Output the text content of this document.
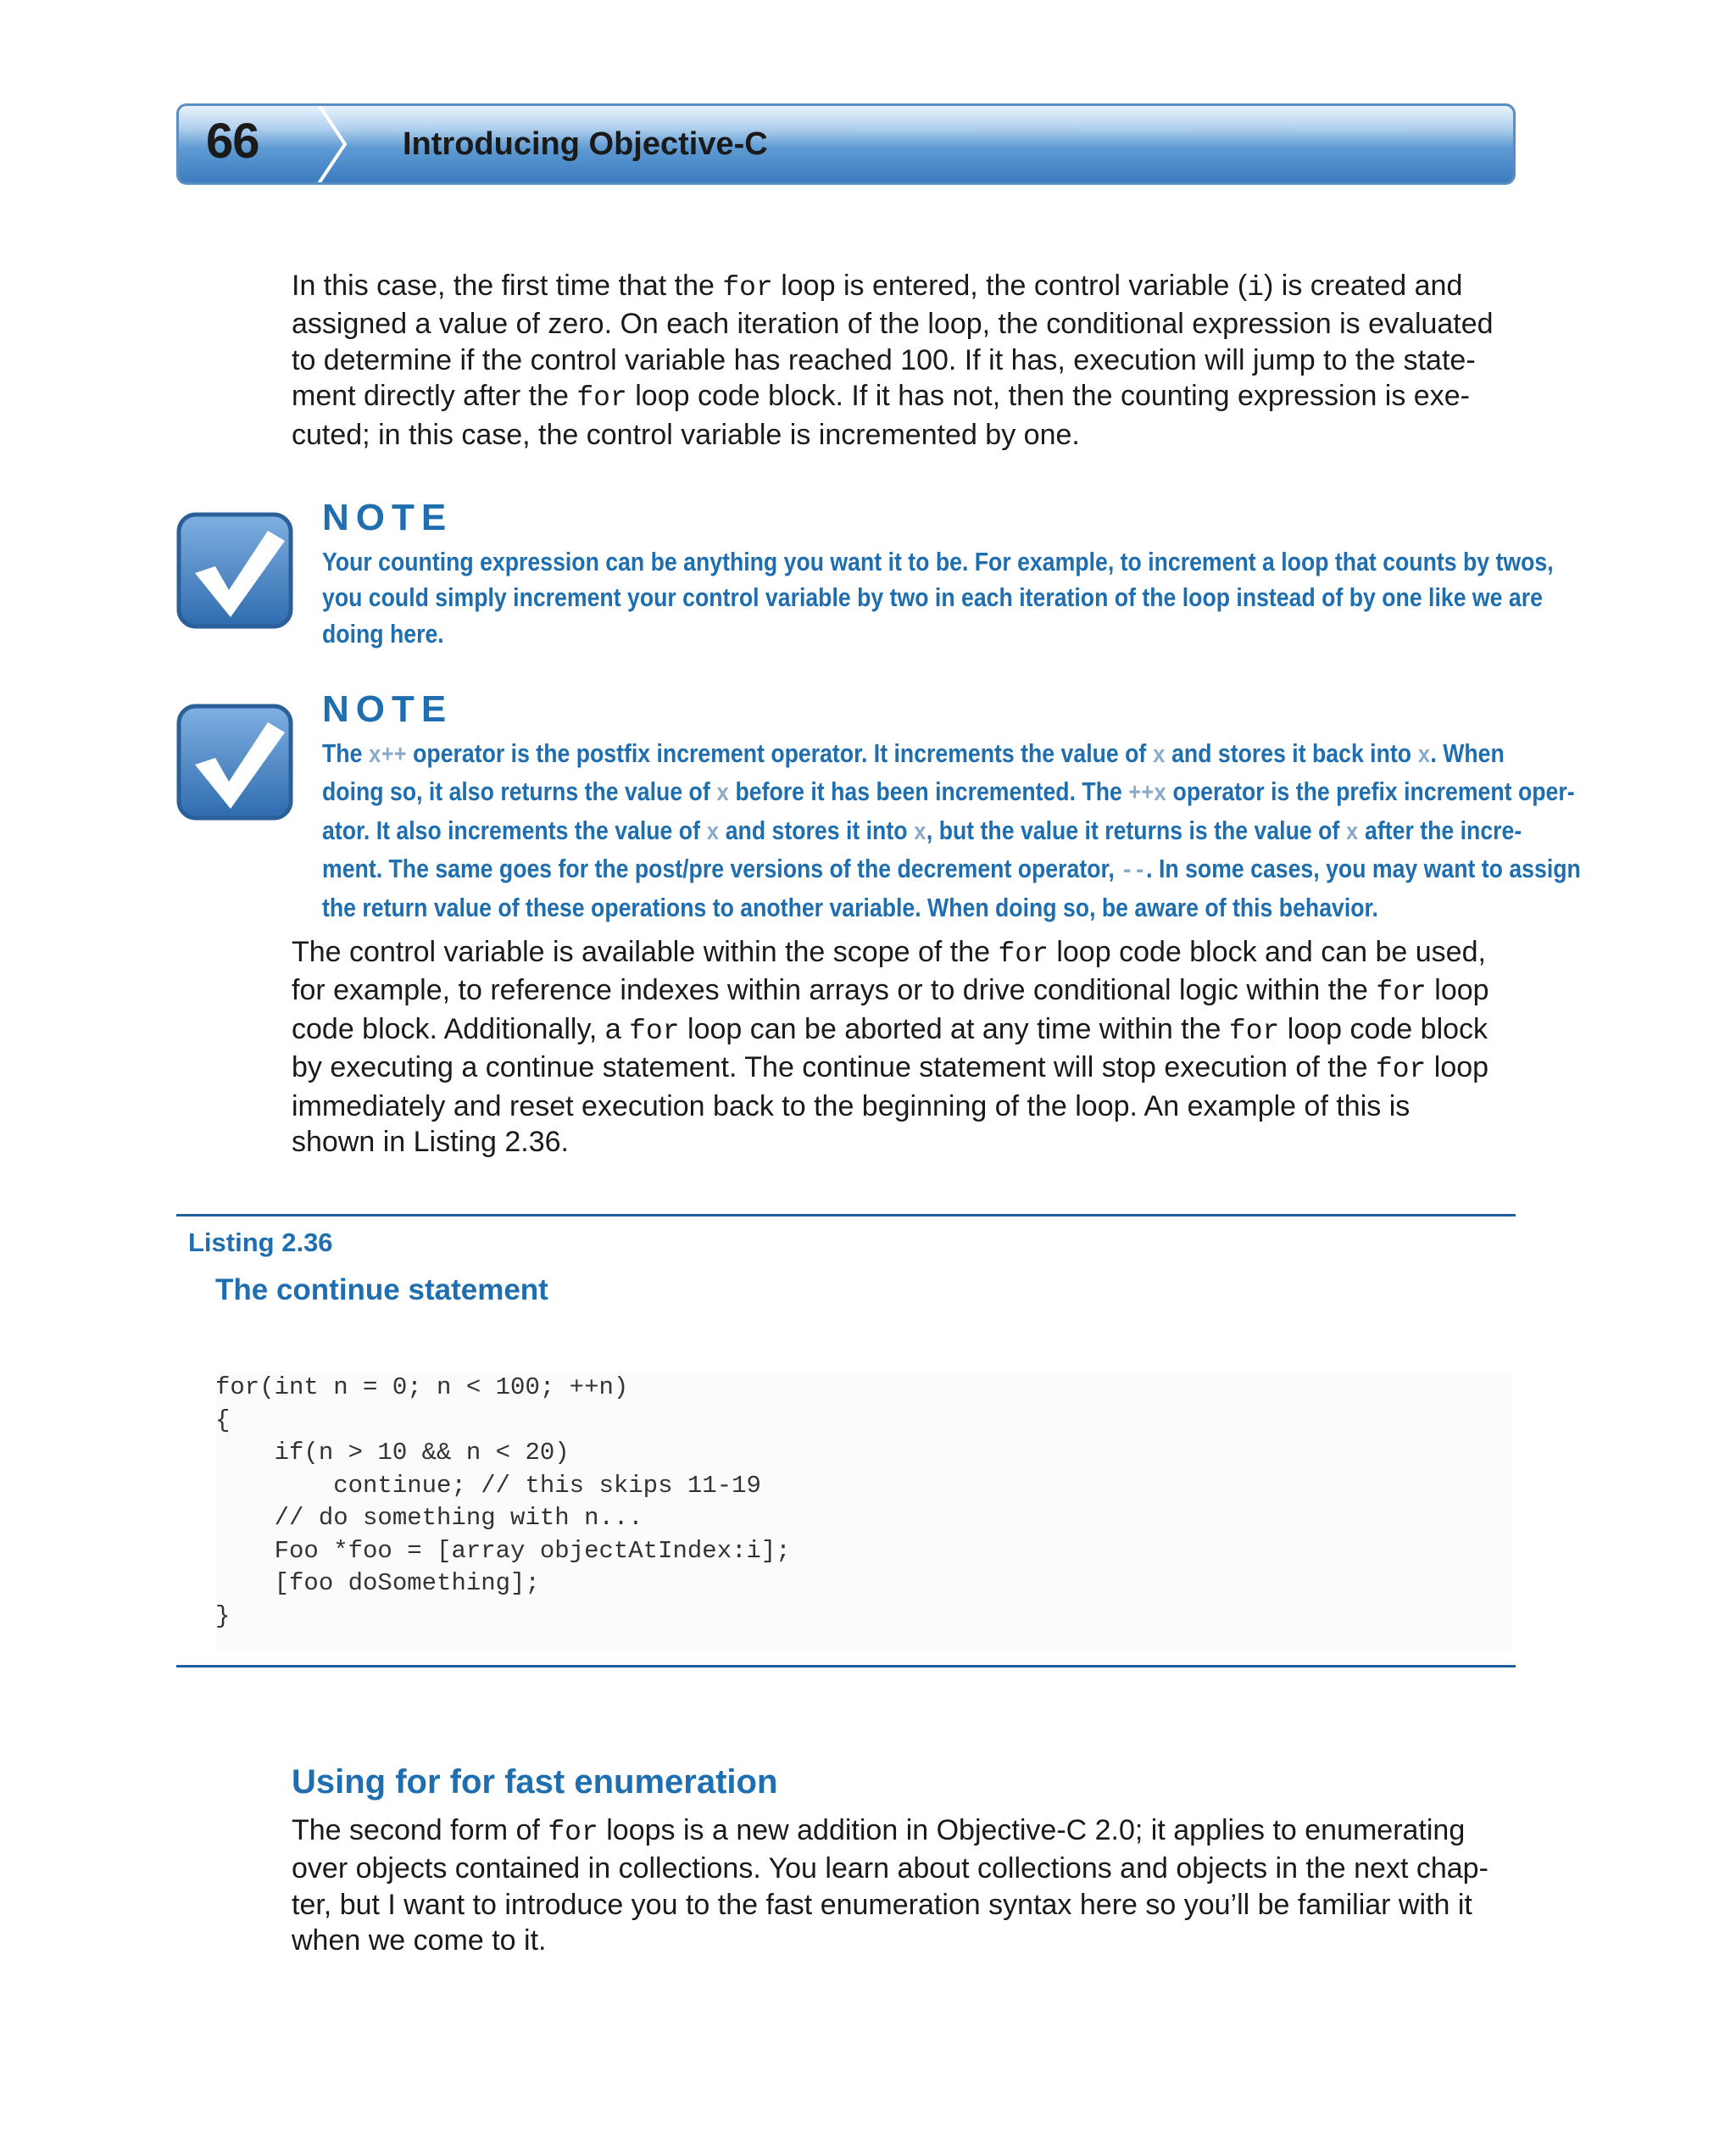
66	Introducing Objective-C
In this case, the first time that the for loop is entered, the control variable (i) is created and
assigned a value of zero. On each iteration of the loop, the conditional expression is evaluated
to determine if the control variable has reached 100. If it has, execution will jump to the state-
ment directly after the for loop code block. If it has not, then the counting expression is exe-
cuted; in this case, the control variable is incremented by one.
NOTE
Your counting expression can be anything you want it to be. For example, to increment a loop that counts by twos,
you could simply increment your control variable by two in each iteration of the loop instead of by one like we are
doing here.
NOTE
The x++ operator is the postfix increment operator. It increments the value of x and stores it back into x. When
doing so, it also returns the value of x before it has been incremented. The ++x operator is the prefix increment oper-
ator. It also increments the value of x and stores it into x, but the value it returns is the value of x after the incre-
ment. The same goes for the post/pre versions of the decrement operator, --. In some cases, you may want to assign
the return value of these operations to another variable. When doing so, be aware of this behavior.
The control variable is available within the scope of the for loop code block and can be used,
for example, to reference indexes within arrays or to drive conditional logic within the for loop
code block. Additionally, a for loop can be aborted at any time within the for loop code block
by executing a continue statement. The continue statement will stop execution of the for loop
immediately and reset execution back to the beginning of the loop. An example of this is
shown in Listing 2.36.
Listing 2.36
The continue statement
for(int n = 0; n < 100; ++n)
{
if(n > 10 && n < 20)
continue; // this skips 11-19
// do something with n...
Foo *foo = [array objectAtIndex:i];
[foo doSomething];
}
Using for for fast enumeration
The second form of for loops is a new addition in Objective-C 2.0; it applies to enumerating
over objects contained in collections. You learn about collections and objects in the next chap-
ter, but I want to introduce you to the fast enumeration syntax here so you’ll be familiar with it
when we come to it.
